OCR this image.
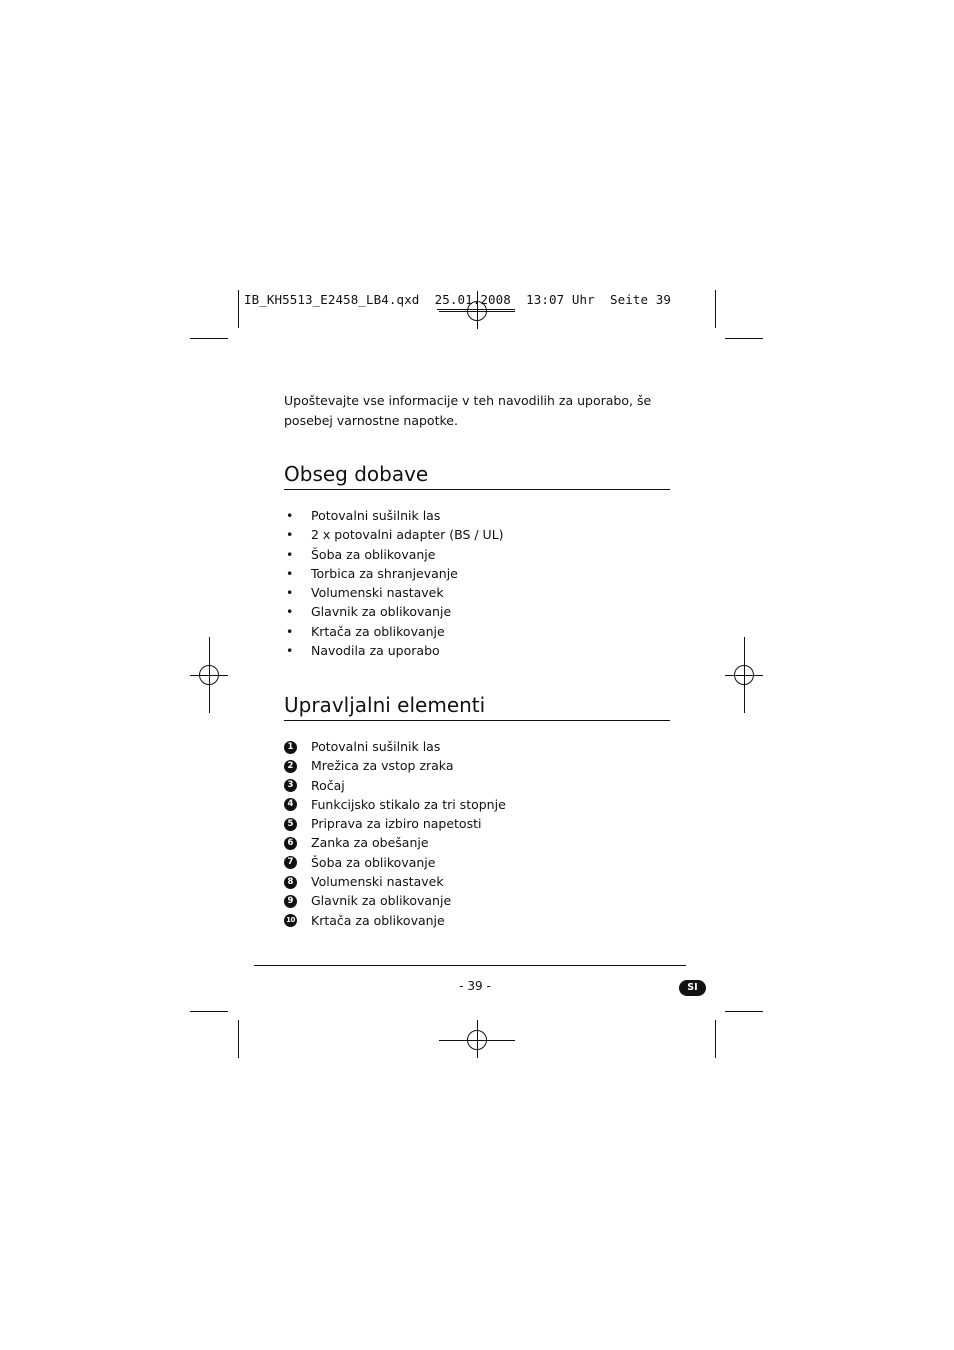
IB_KH5513_E2458_LB4.qxd  25.01.2008  13:07 Uhr  Seite 39

Upoštevajte vse informacije v teh navodilih za uporabo, še posebej varnostne napotke.

Obseg dobave
• Potovalni sušilnik las
• 2 x potovalni adapter (BS / UL)
• Šoba za oblikovanje
• Torbica za shranjevanje
• Volumenski nastavek
• Glavnik za oblikovanje
• Krtača za oblikovanje
• Navodila za uporabo
Upravljalni elementi
1 Potovalni sušilnik las
2 Mrežica za vstop zraka
3 Ročaj
4 Funkcijsko stikalo za tri stopnje
5 Priprava za izbiro napetosti
6 Zanka za obešanje
7 Šoba za oblikovanje
8 Volumenski nastavek
9 Glavnik za oblikovanje
10 Krtača za oblikovanje
- 39 -	SI
